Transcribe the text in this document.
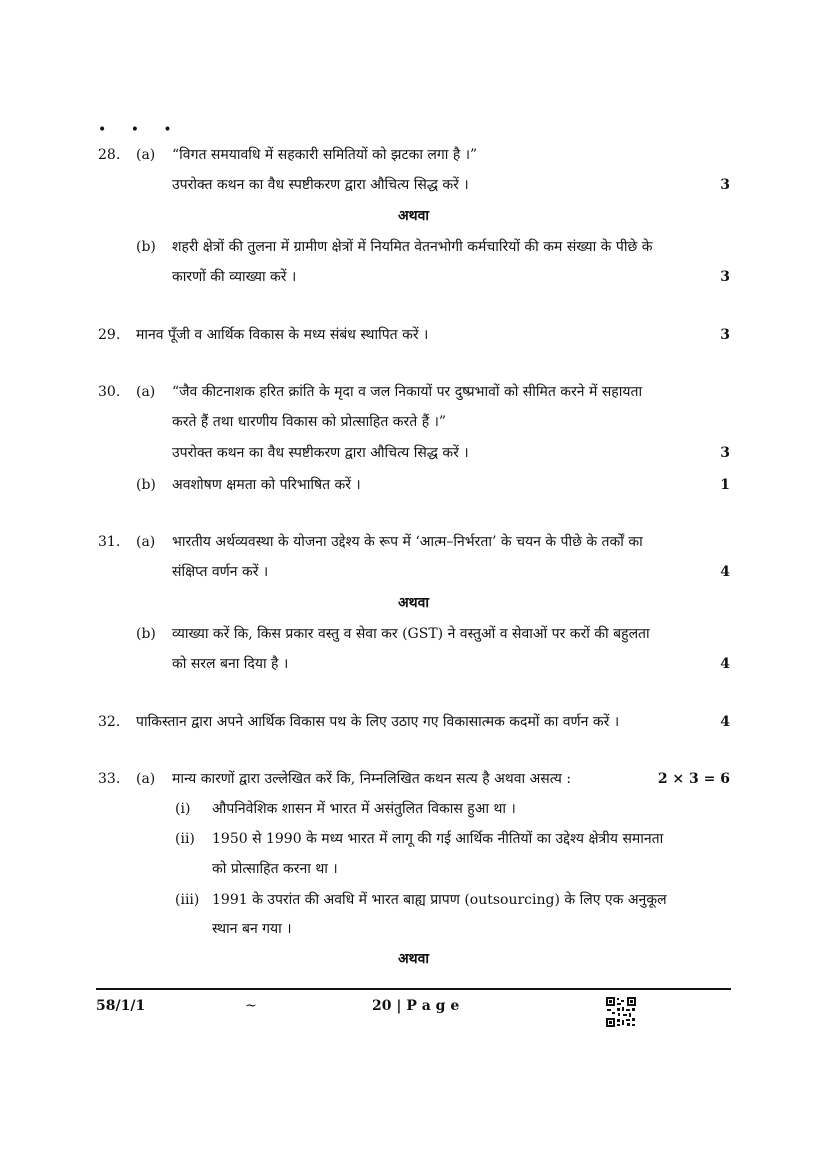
• • •
28. (a) “विगत समयावधि में सहकारी समितियों को झटका लगा है ।”
उपरोक्त कथन का वैध स्पष्टीकरण द्वारा औचित्य सिद्ध करें ।	3
अथवा
(b) शहरी क्षेत्रों की तुलना में ग्रामीण क्षेत्रों में नियमित वेतनभोगी कर्मचारियों की कम संख्या के पीछे के
कारणों की व्याख्या करें ।	3
29. मानव पूँजी व आर्थिक विकास के मध्य संबंध स्थापित करें ।	3
30. (a) “जैव कीटनाशक हरित क्रांति के मृदा व जल निकायों पर दुष्प्रभावों को सीमित करने में सहायता
करते हैं तथा धारणीय विकास को प्रोत्साहित करते हैं ।”
उपरोक्त कथन का वैध स्पष्टीकरण द्वारा औचित्य सिद्ध करें ।	3
(b) अवशोषण क्षमता को परिभाषित करें ।	1
31. (a) भारतीय अर्थव्यवस्था के योजना उद्देश्य के रूप में ‘आत्म–निर्भरता’ के चयन के पीछे के तर्कों का
संक्षिप्त वर्णन करें ।	4
अथवा
(b) व्याख्या करें कि, किस प्रकार वस्तु व सेवा कर (GST) ने वस्तुओं व सेवाओं पर करों की बहुलता
को सरल बना दिया है ।	4
32. पाकिस्तान द्वारा अपने आर्थिक विकास पथ के लिए उठाए गए विकासात्मक कदमों का वर्णन करें ।	4
33. (a) मान्य कारणों द्वारा उल्लेखित करें कि, निम्नलिखित कथन सत्य है अथवा असत्य :	2 × 3 = 6
(i) औपनिवेशिक शासन में भारत में असंतुलित विकास हुआ था ।
(ii) 1950 से 1990 के मध्य भारत में लागू की गई आर्थिक नीतियों का उद्देश्य क्षेत्रीय समानता
को प्रोत्साहित करना था ।
(iii) 1991 के उपरांत की अवधि में भारत बाह्य प्रापण (outsourcing) के लिए एक अनुकूल
स्थान बन गया ।
अथवा
58/1/1	~	20 | P a g e
